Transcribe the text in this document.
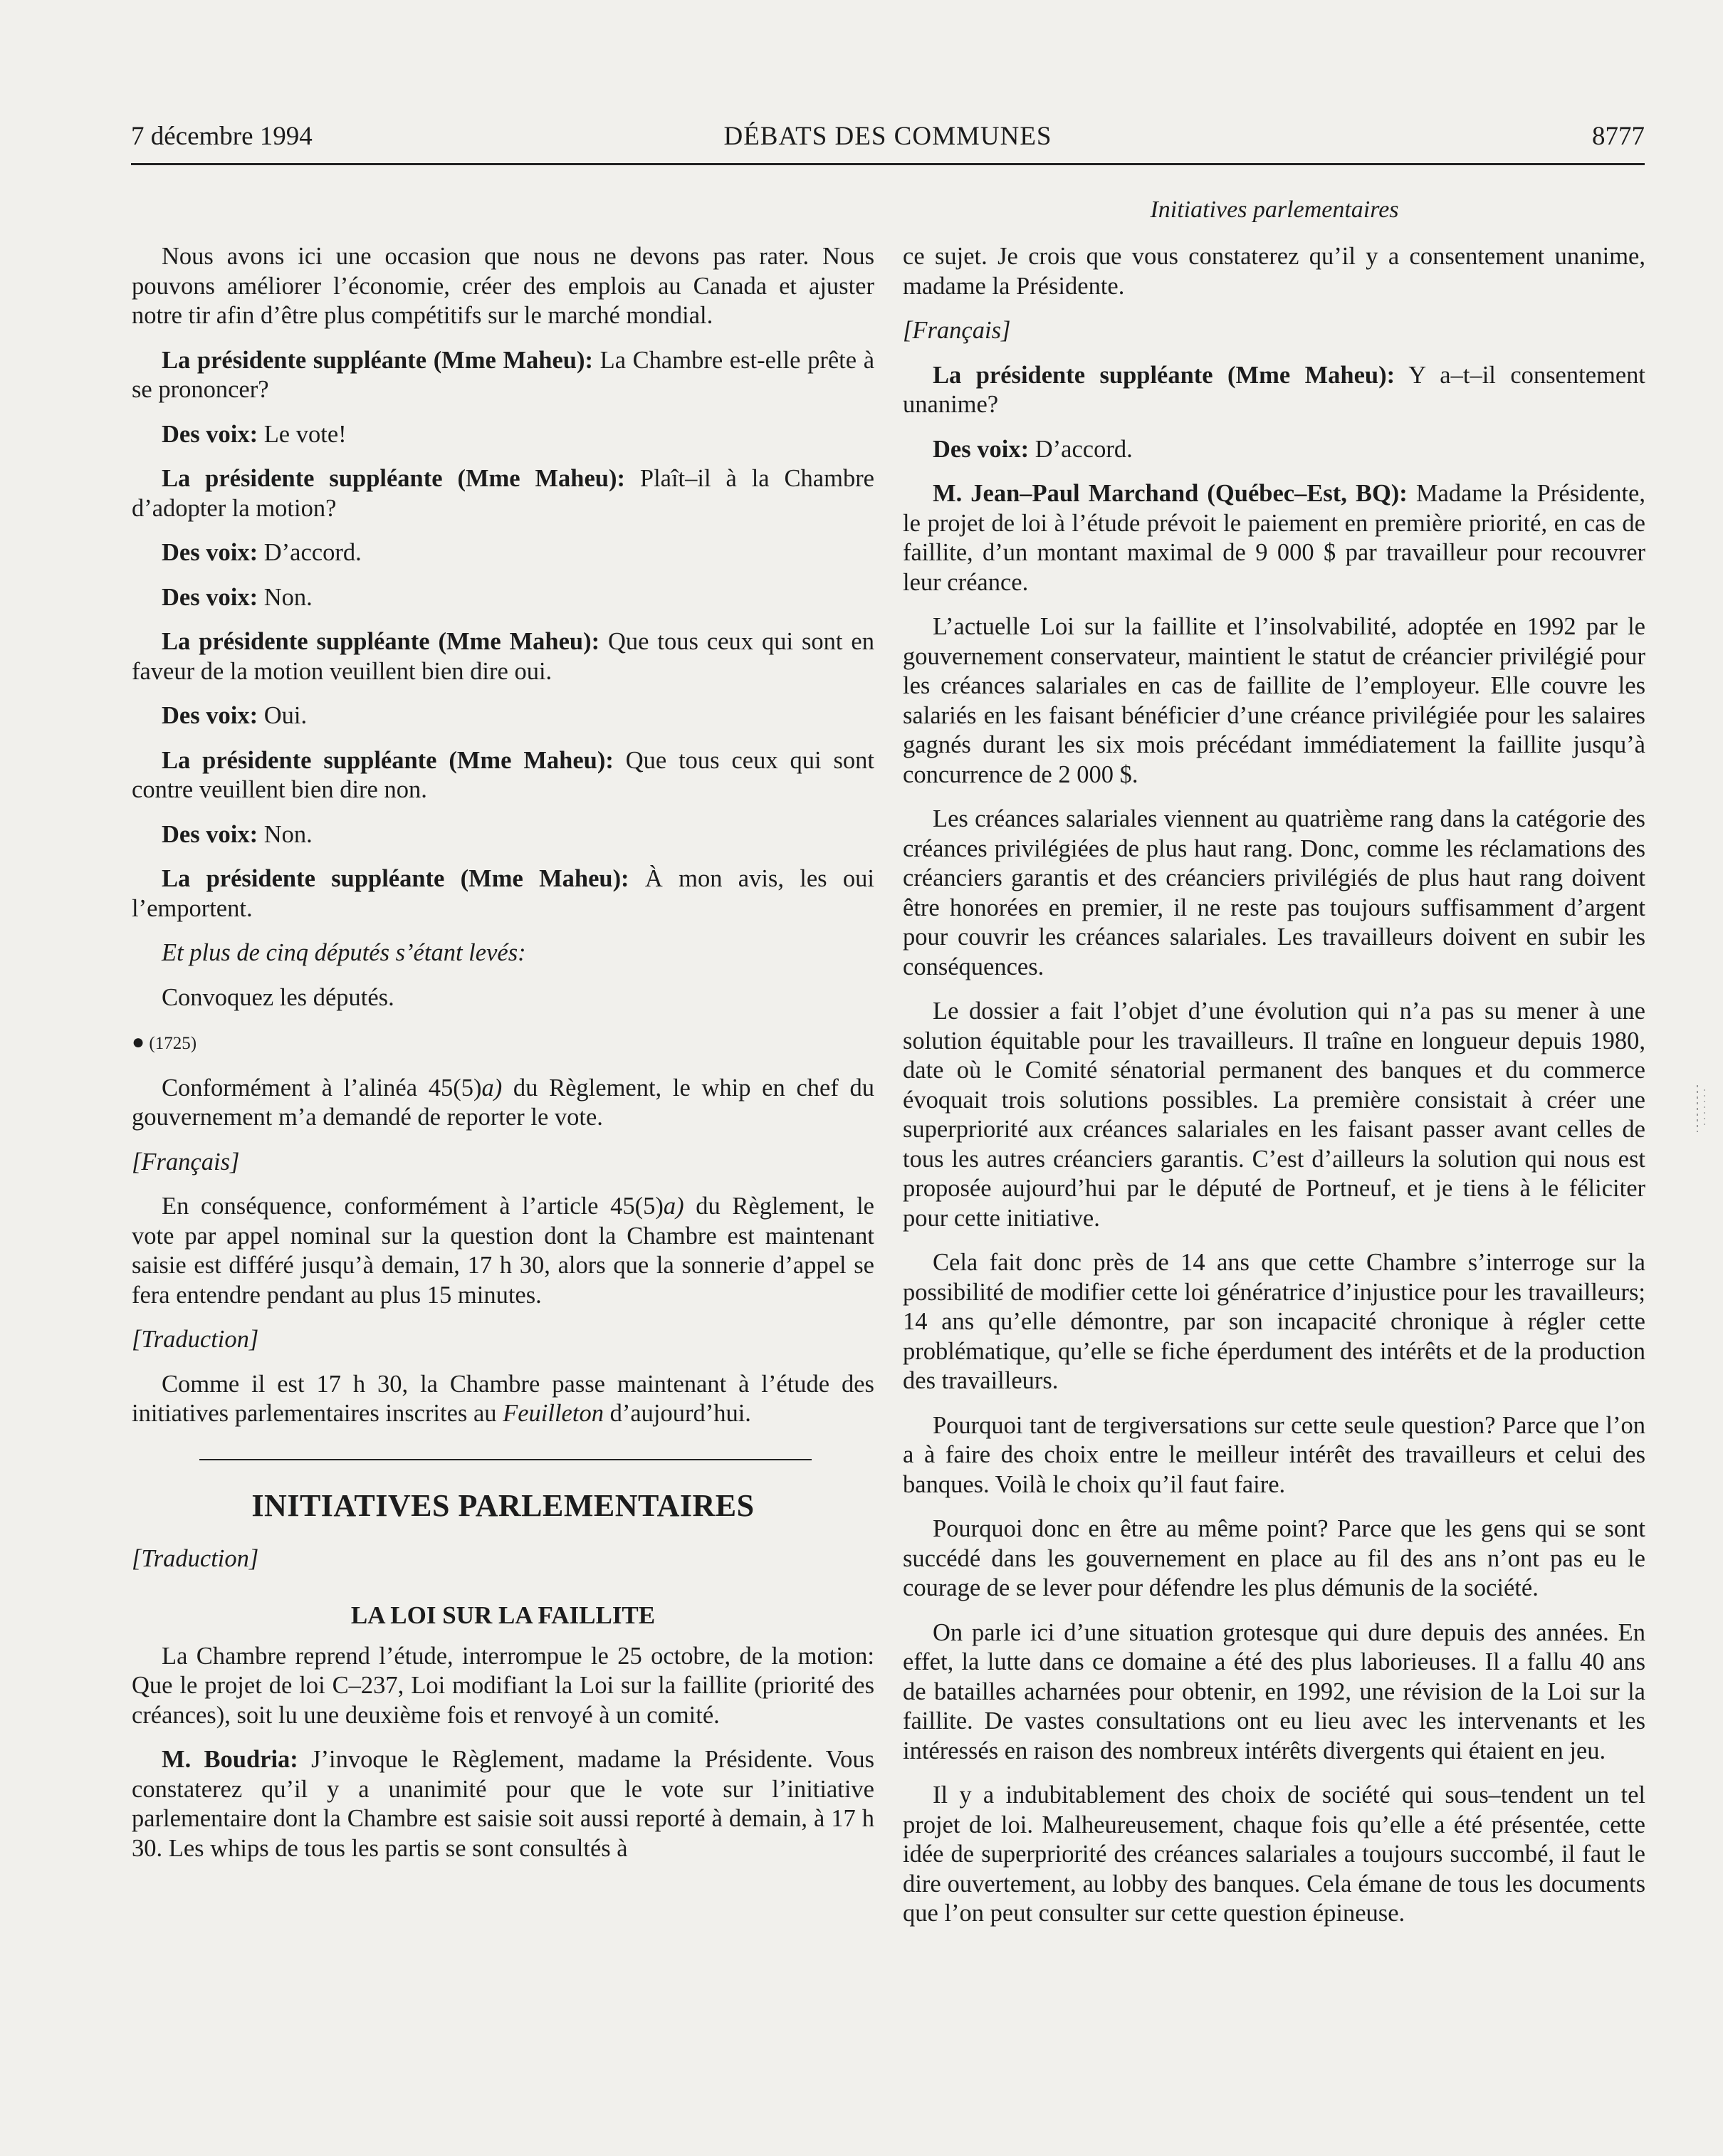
7 décembre 1994	DÉBATS DES COMMUNES	8777
Initiatives parlementaires

Nous avons ici une occasion que nous ne devons pas rater. Nous pouvons améliorer l’économie, créer des emplois au Canada et ajuster notre tir afin d’être plus compétitifs sur le marché mondial.

La présidente suppléante (Mme Maheu): La Chambre est-elle prête à se prononcer?

Des voix: Le vote!

La présidente suppléante (Mme Maheu): Plaît–il à la Chambre d’adopter la motion?

Des voix: D’accord.

Des voix: Non.

La présidente suppléante (Mme Maheu): Que tous ceux qui sont en faveur de la motion veuillent bien dire oui.

Des voix: Oui.

La présidente suppléante (Mme Maheu): Que tous ceux qui sont contre veuillent bien dire non.

Des voix: Non.

La présidente suppléante (Mme Maheu): À mon avis, les oui l’emportent.

Et plus de cinq députés s’étant levés:

Convoquez les députés.

● (1725)

Conformément à l’alinéa 45(5)a) du Règlement, le whip en chef du gouvernement m’a demandé de reporter le vote.

[Français]

En conséquence, conformément à l’article 45(5)a) du Règlement, le vote par appel nominal sur la question dont la Chambre est maintenant saisie est différé jusqu’à demain, 17 h 30, alors que la sonnerie d’appel se fera entendre pendant au plus 15 minutes.

[Traduction]

Comme il est 17 h 30, la Chambre passe maintenant à l’étude des initiatives parlementaires inscrites au Feuilleton d’aujourd’hui.

INITIATIVES PARLEMENTAIRES

[Traduction]

LA LOI SUR LA FAILLITE

La Chambre reprend l’étude, interrompue le 25 octobre, de la motion: Que le projet de loi C–237, Loi modifiant la Loi sur la faillite (priorité des créances), soit lu une deuxième fois et renvoyé à un comité.

M. Boudria: J’invoque le Règlement, madame la Présidente. Vous constaterez qu’il y a unanimité pour que le vote sur l’initiative parlementaire dont la Chambre est saisie soit aussi reporté à demain, à 17 h 30. Les whips de tous les partis se sont consultés à

ce sujet. Je crois que vous constaterez qu’il y a consentement unanime, madame la Présidente.

[Français]

La présidente suppléante (Mme Maheu): Y a–t–il consentement unanime?

Des voix: D’accord.

M. Jean–Paul Marchand (Québec–Est, BQ): Madame la Présidente, le projet de loi à l’étude prévoit le paiement en première priorité, en cas de faillite, d’un montant maximal de 9 000 $ par travailleur pour recouvrer leur créance.

L’actuelle Loi sur la faillite et l’insolvabilité, adoptée en 1992 par le gouvernement conservateur, maintient le statut de créancier privilégié pour les créances salariales en cas de faillite de l’employeur. Elle couvre les salariés en les faisant bénéficier d’une créance privilégiée pour les salaires gagnés durant les six mois précédant immédiatement la faillite jusqu’à concurrence de 2 000 $.

Les créances salariales viennent au quatrième rang dans la catégorie des créances privilégiées de plus haut rang. Donc, comme les réclamations des créanciers garantis et des créanciers privilégiés de plus haut rang doivent être honorées en premier, il ne reste pas toujours suffisamment d’argent pour couvrir les créances salariales. Les travailleurs doivent en subir les conséquences.

Le dossier a fait l’objet d’une évolution qui n’a pas su mener à une solution équitable pour les travailleurs. Il traîne en longueur depuis 1980, date où le Comité sénatorial permanent des banques et du commerce évoquait trois solutions possibles. La première consistait à créer une superpriorité aux créances salariales en les faisant passer avant celles de tous les autres créanciers garantis. C’est d’ailleurs la solution qui nous est proposée aujourd’hui par le député de Portneuf, et je tiens à le féliciter pour cette initiative.

Cela fait donc près de 14 ans que cette Chambre s’interroge sur la possibilité de modifier cette loi génératrice d’injustice pour les travailleurs; 14 ans qu’elle démontre, par son incapacité chronique à régler cette problématique, qu’elle se fiche éperdument des intérêts et de la production des travailleurs.

Pourquoi tant de tergiversations sur cette seule question? Parce que l’on a à faire des choix entre le meilleur intérêt des travailleurs et celui des banques. Voilà le choix qu’il faut faire.

Pourquoi donc en être au même point? Parce que les gens qui se sont succédé dans les gouvernement en place au fil des ans n’ont pas eu le courage de se lever pour défendre les plus démunis de la société.

On parle ici d’une situation grotesque qui dure depuis des années. En effet, la lutte dans ce domaine a été des plus laborieuses. Il a fallu 40 ans de batailles acharnées pour obtenir, en 1992, une révision de la Loi sur la faillite. De vastes consultations ont eu lieu avec les intervenants et les intéressés en raison des nombreux intérêts divergents qui étaient en jeu.

Il y a indubitablement des choix de société qui sous–tendent un tel projet de loi. Malheureusement, chaque fois qu’elle a été présentée, cette idée de superpriorité des créances salariales a toujours succombé, il faut le dire ouvertement, au lobby des banques. Cela émane de tous les documents que l’on peut consulter sur cette question épineuse.
